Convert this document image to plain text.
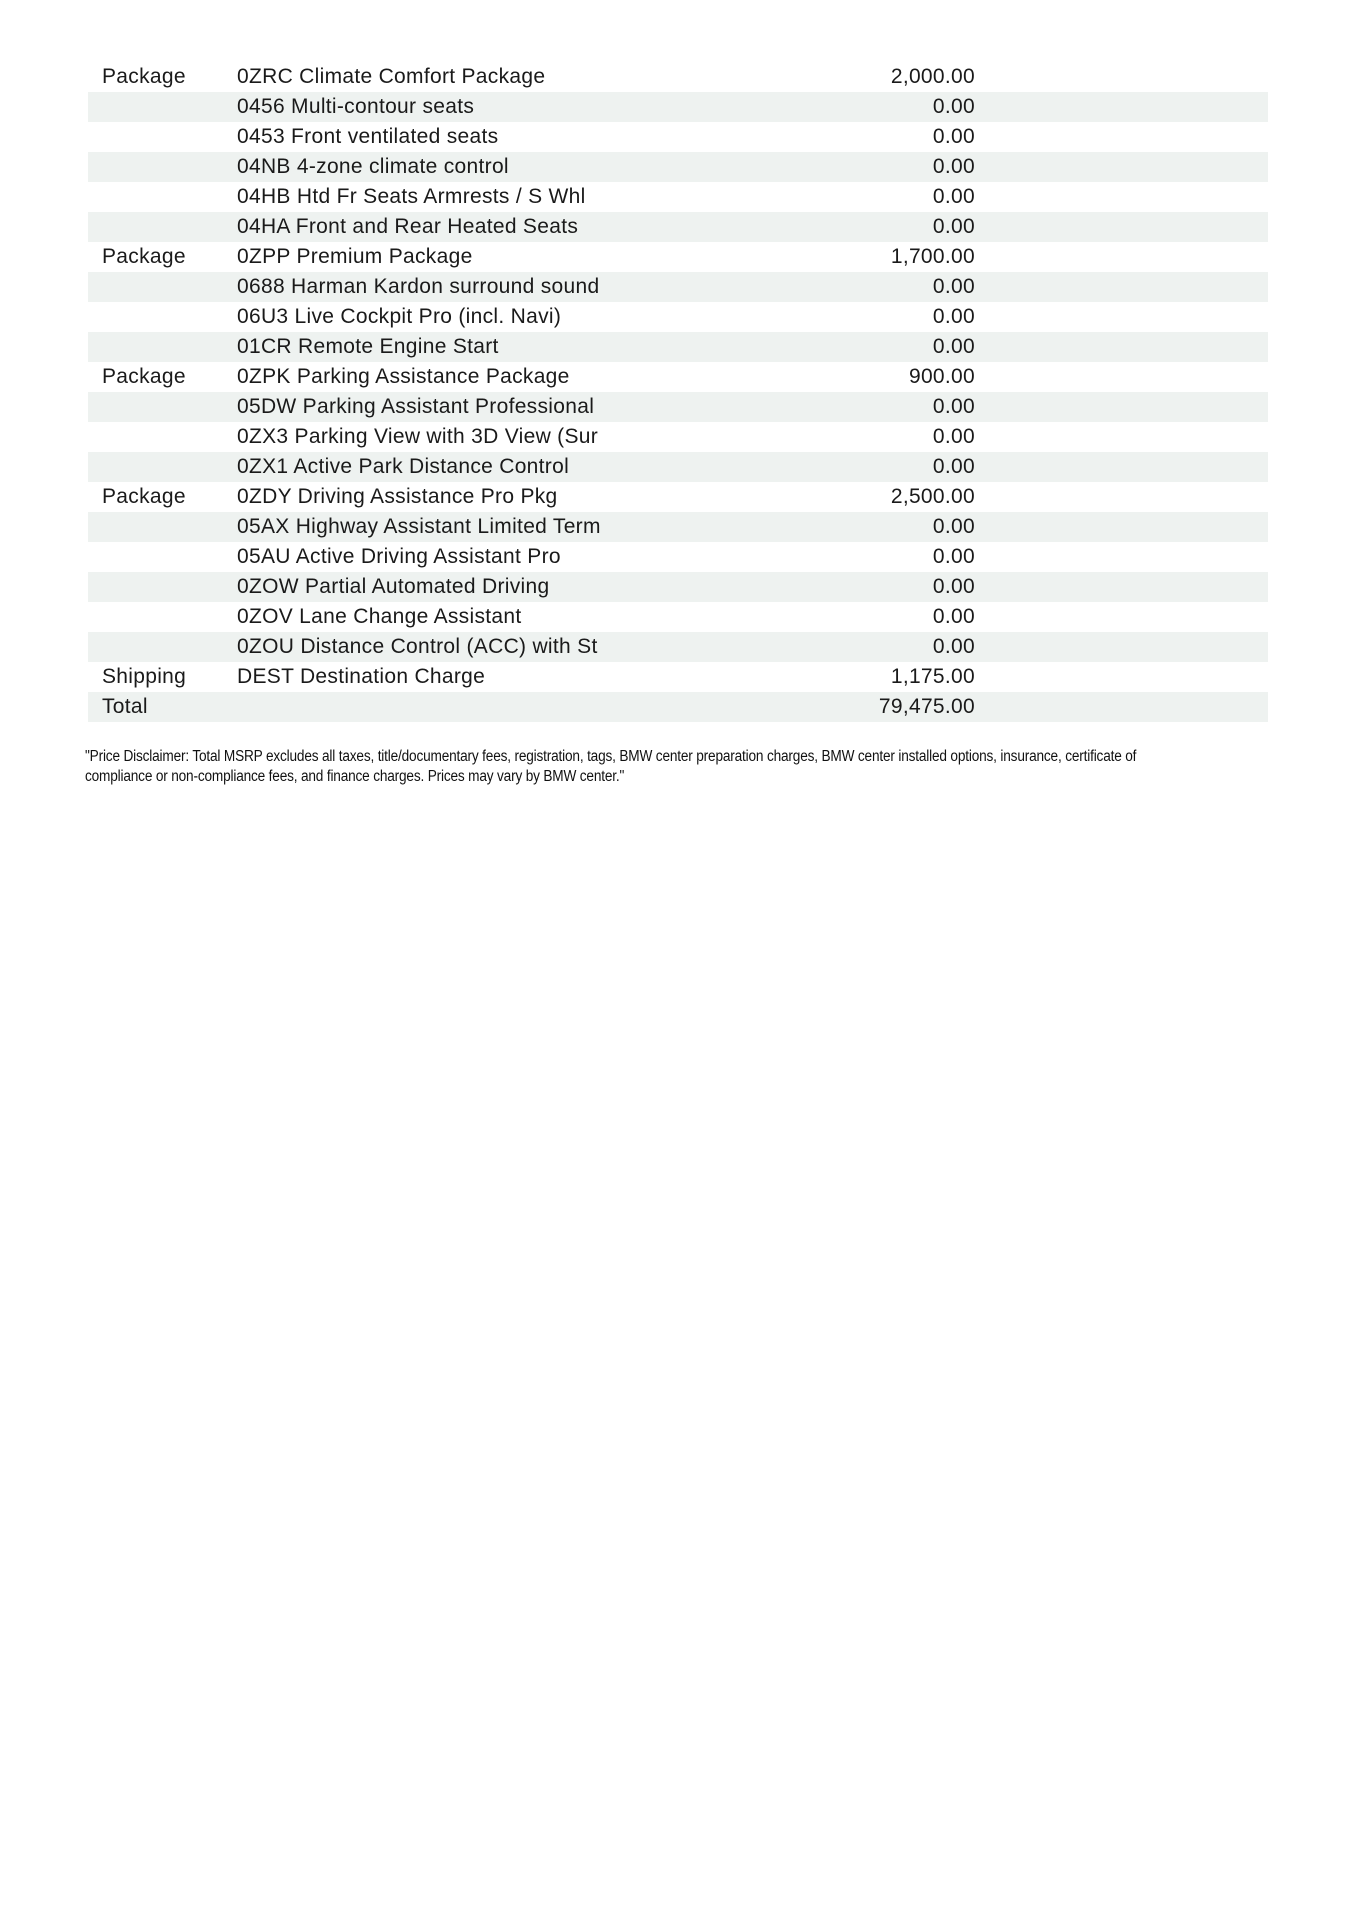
Package	0ZRC Climate Comfort Package	2,000.00
0456 Multi-contour seats	0.00
0453 Front ventilated seats	0.00
04NB 4-zone climate control	0.00
04HB Htd Fr Seats Armrests / S Whl	0.00
04HA Front and Rear Heated Seats	0.00
Package	0ZPP Premium Package	1,700.00
0688 Harman Kardon surround sound	0.00
06U3 Live Cockpit Pro (incl. Navi)	0.00
01CR Remote Engine Start	0.00
Package	0ZPK Parking Assistance Package	900.00
05DW Parking Assistant Professional	0.00
0ZX3 Parking View with 3D View (Sur	0.00
0ZX1 Active Park Distance Control	0.00
Package	0ZDY Driving Assistance Pro Pkg	2,500.00
05AX Highway Assistant Limited Term	0.00
05AU Active Driving Assistant Pro	0.00
0ZOW Partial Automated Driving	0.00
0ZOV Lane Change Assistant	0.00
0ZOU Distance Control (ACC) with St	0.00
Shipping	DEST Destination Charge	1,175.00
Total	79,475.00
"Price Disclaimer: Total MSRP excludes all taxes, title/documentary fees, registration, tags, BMW center preparation charges, BMW center installed options, insurance, certificate of
compliance or non-compliance fees, and finance charges. Prices may vary by BMW center."
